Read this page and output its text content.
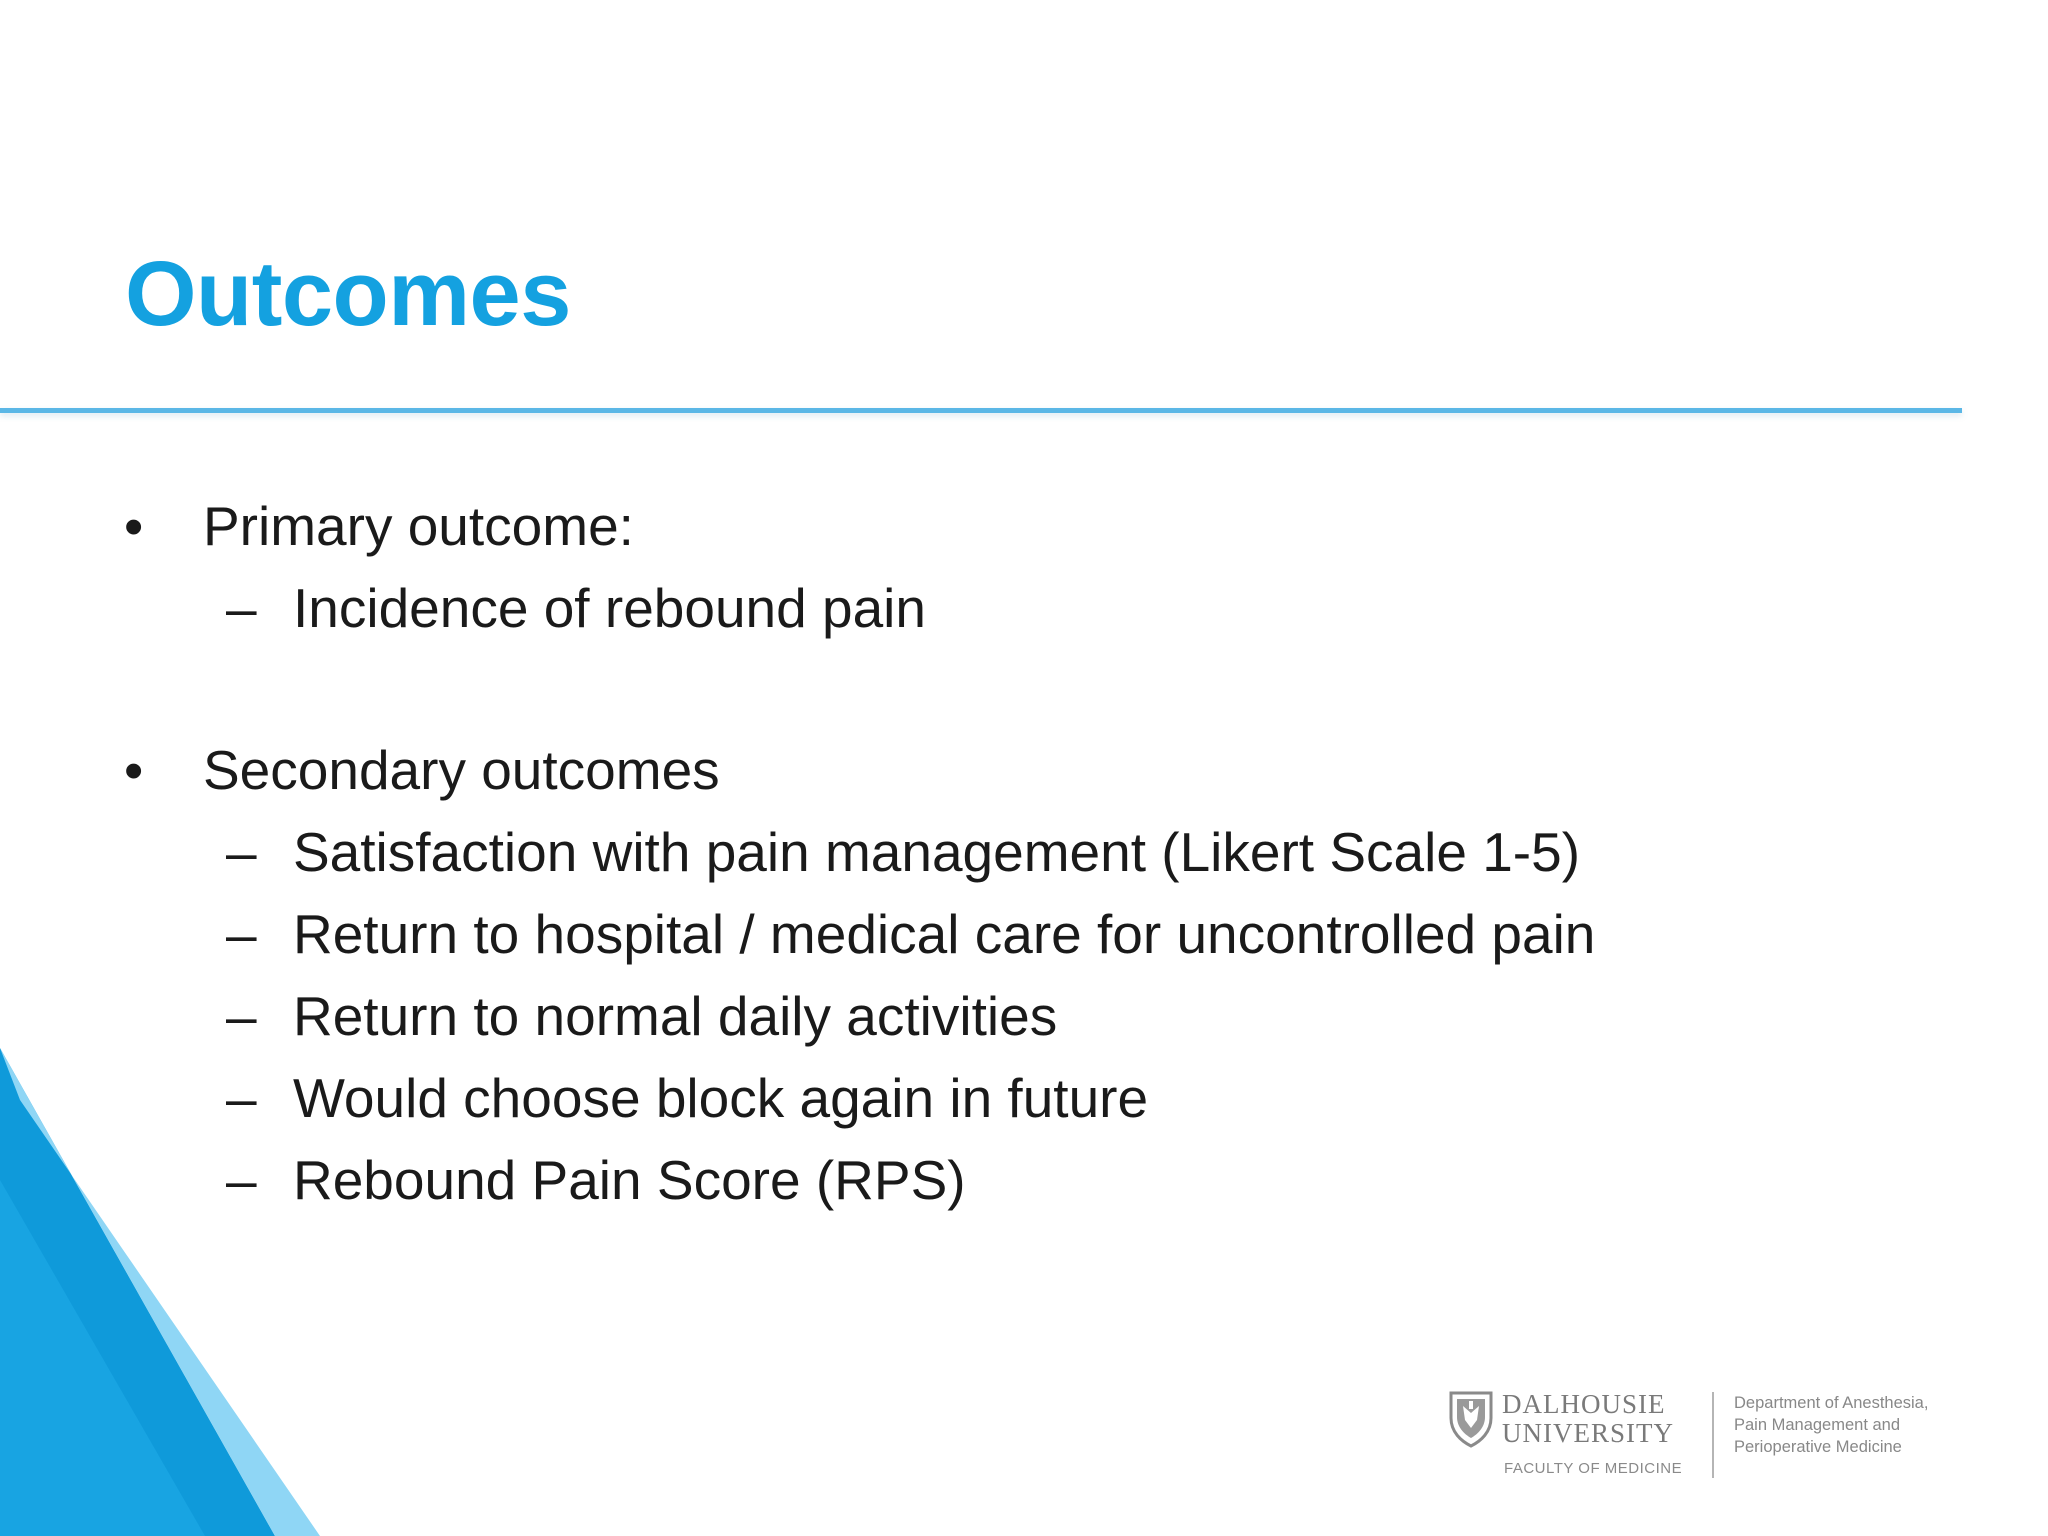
Outcomes
• Primary outcome:
– Incidence of rebound pain
• Secondary outcomes
– Satisfaction with pain management (Likert Scale 1-5)
– Return to hospital / medical care for uncontrolled pain
– Return to normal daily activities
– Would choose block again in future
– Rebound Pain Score (RPS)
DALHOUSIE
UNIVERSITY
FACULTY OF MEDICINE
Department of Anesthesia,
Pain Management and
Perioperative Medicine
